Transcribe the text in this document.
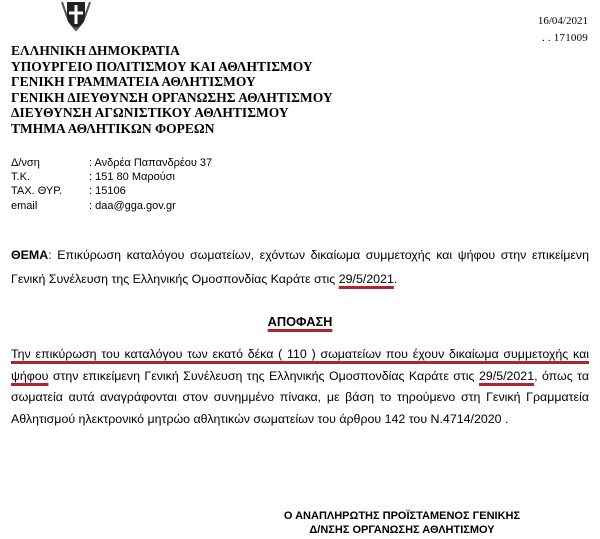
16/04/2021
. . 171009
ΕΛΛΗΝΙΚΗ ΔΗΜΟΚΡΑΤΙΑ
ΥΠΟΥΡΓΕΙΟ ΠΟΛΙΤΙΣΜΟΥ ΚΑΙ ΑΘΛΗΤΙΣΜΟΥ
ΓΕΝΙΚΗ ΓΡΑΜΜΑΤΕΙΑ ΑΘΛΗΤΙΣΜΟΥ
ΓΕΝΙΚΗ ΔΙΕΥΘΥΝΣΗ ΟΡΓΑΝΩΣΗΣ ΑΘΛΗΤΙΣΜΟΥ
ΔΙΕΥΘΥΝΣΗ ΑΓΩΝΙΣΤΙΚΟΥ ΑΘΛΗΤΙΣΜΟΥ
ΤΜΗΜΑ ΑΘΛΗΤΙΚΩΝ ΦΟΡΕΩΝ
Δ/νση	: Ανδρέα Παπανδρέου 37
Τ.Κ.	: 151 80 Μαρούσι
ΤΑΧ. ΘΥΡ.	: 15106
email	: daa@gga.gov.gr
ΘΕΜΑ: Επικύρωση καταλόγου σωματείων, εχόντων δικαίωμα συμμετοχής και ψήφου στην επικείμενη Γενική Συνέλευση της Ελληνικής Ομοσπονδίας Καράτε στις 29/5/2021.
ΑΠΟΦΑΣΗ
Την επικύρωση του καταλόγου των εκατό δέκα ( 110 ) σωματείων που έχουν δικαίωμα συμμετοχής και ψήφου στην επικείμενη Γενική Συνέλευση της Ελληνικής Ομοσπονδίας Καράτε στις 29/5/2021, όπως τα σωματεία αυτά αναγράφονται στον συνημμένο πίνακα, με βάση το τηρούμενο στη Γενική Γραμματεία Αθλητισμού ηλεκτρονικό μητρώο αθλητικών σωματείων του άρθρου 142 του Ν.4714/2020 .
Ο ΑΝΑΠΛΗΡΩΤΗΣ ΠΡΟΪΣΤΑΜΕΝΟΣ ΓΕΝΙΚΗΣ
Δ/ΝΣΗΣ ΟΡΓΑΝΩΣΗΣ ΑΘΛΗΤΙΣΜΟΥ
